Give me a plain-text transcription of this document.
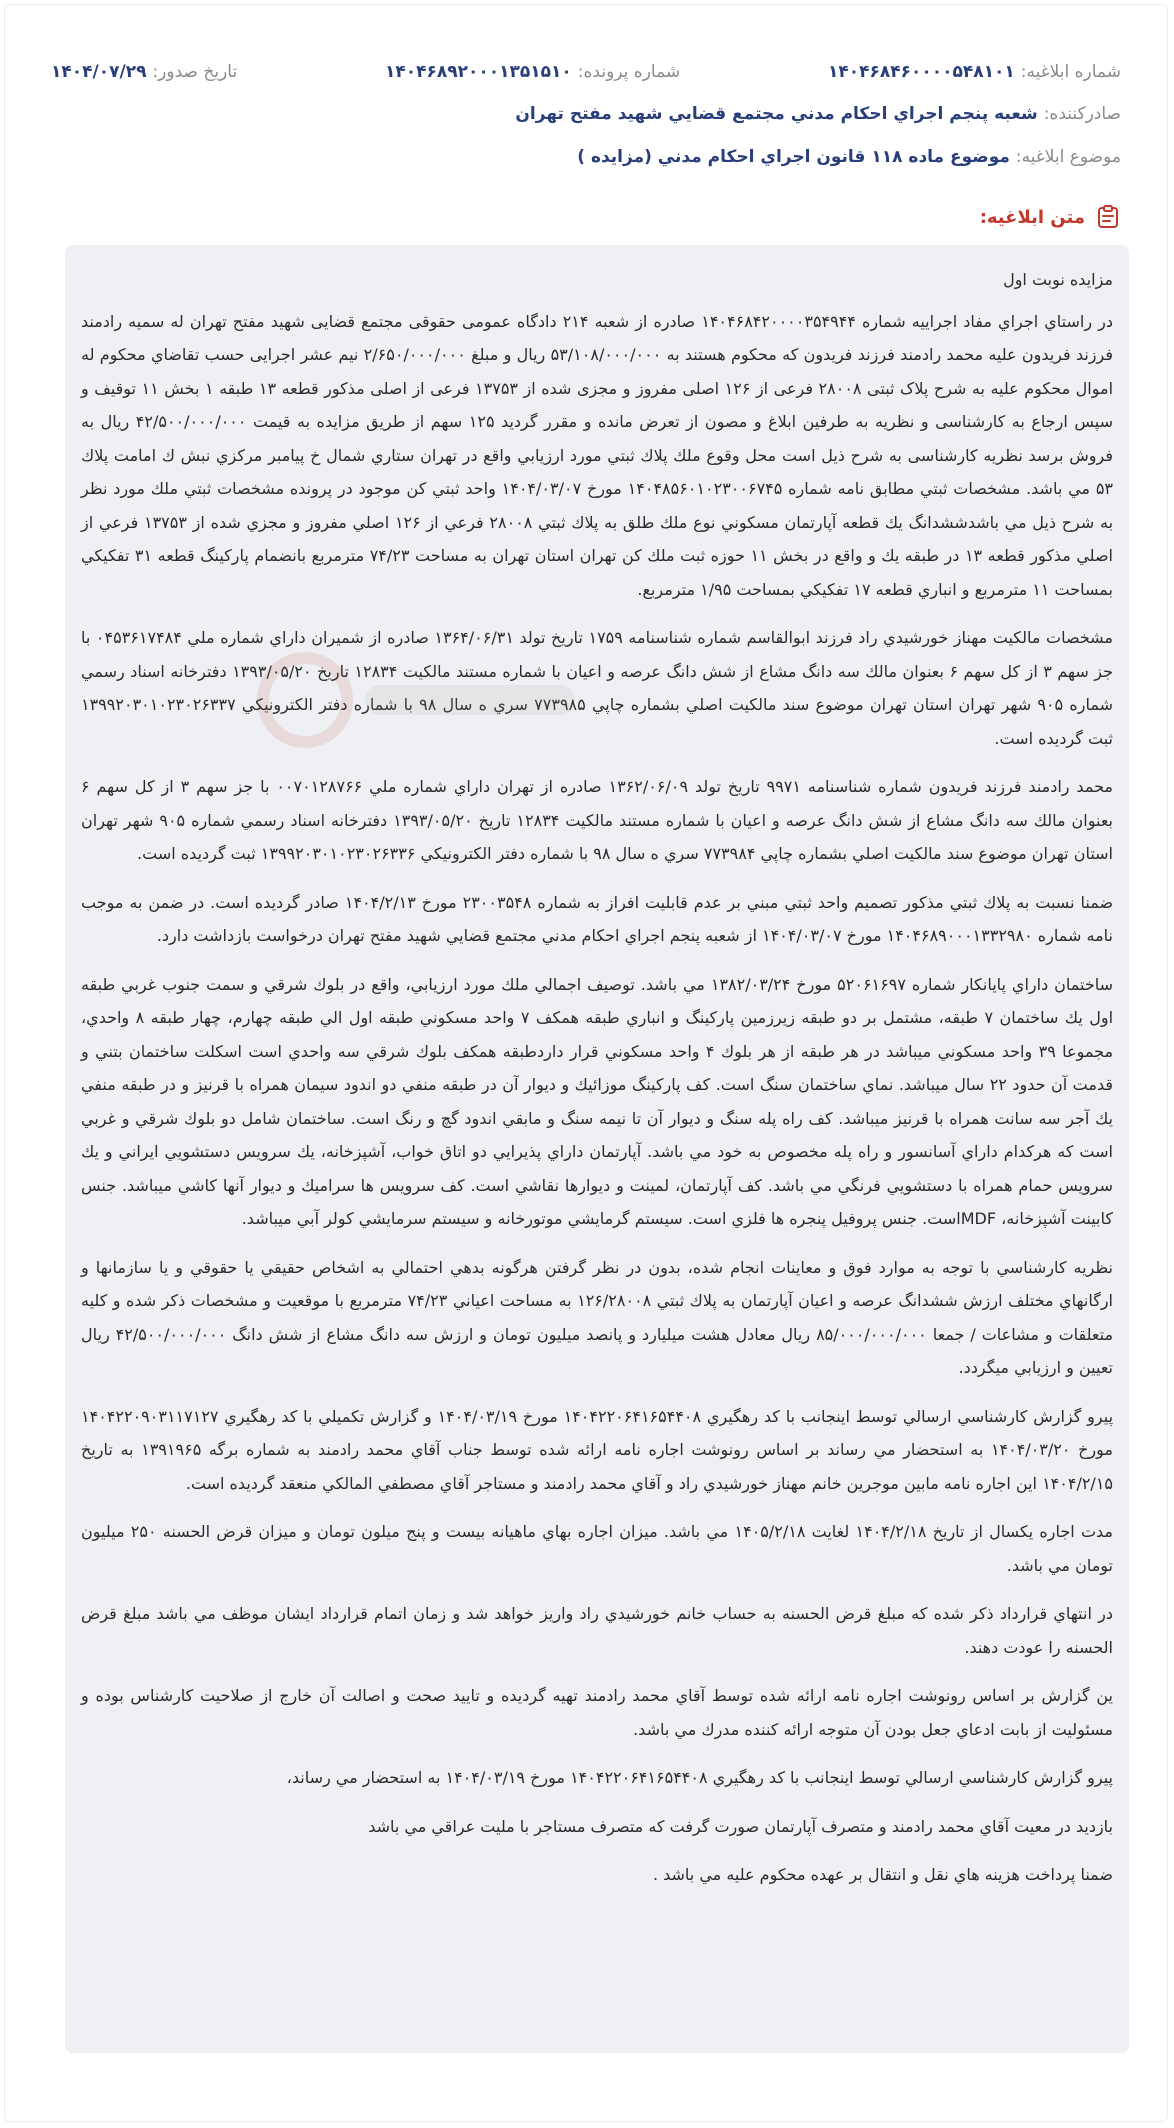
شماره ابلاغیه:
۱۴۰۴۶۸۴۶۰۰۰۰۵۴۸۱۰۱
شماره پرونده:
۱۴۰۴۶۸۹۲۰۰۰۱۳۵۱۵۱۰
تاریخ صدور:
۱۴۰۴/۰۷/۲۹
صادرکننده:
شعبه پنجم اجراي احكام مدني مجتمع قضايي شهيد مفتح تهران
موضوع ابلاغیه:
موضوع ماده ۱۱۸ قانون اجراي احكام مدني (مزايده )
متن ابلاغیه:
مزایده نوبت اول

در راستاي اجراي مفاد اجراییه شماره ۱۴۰۴۶۸۴۲۰۰۰۰۳۵۴۹۴۴ صادره از شعبه ۲۱۴ دادگاه عمومی حقوقی مجتمع قضایی شهيد مفتح تهران له سمیه رادمند فرزند فریدون علیه محمد رادمند فرزند فریدون که محکوم هستند به ۵۳/۱۰۸/۰۰۰/۰۰۰ ریال و مبلغ ۲/۶۵۰/۰۰۰/۰۰۰ نیم عشر اجرایی حسب تقاضاي محکوم له اموال محکوم علیه به شرح پلاک ثبتی ۲۸۰۰۸ فرعی از ۱۲۶ اصلی مفروز و مجزی شده از ۱۳۷۵۳ فرعی از اصلی مذکور قطعه ۱۳ طبقه ۱ بخش ۱۱ توقيف و سپس ارجاع به کارشناسی و نظریه به طرفین ابلاغ و مصون از تعرض مانده و مقرر گردید ۱۲۵ سهم از طریق مزایده به قیمت ۴۲/۵۰۰/۰۰۰/۰۰۰ ریال به فروش برسد نظریه کارشناسی به شرح ذیل است محل وقوع ملك پلاك ثبتي مورد ارزيابي واقع در تهران ستاري شمال خ پيامبر مركزي نبش ك امامت پلاك ۵۳ مي باشد. مشخصات ثبتي مطابق نامه شماره ۱۴۰۴۸۵۶۰۱۰۲۳۰۰۶۷۴۵ مورخ ۱۴۰۴/۰۳/۰۷ واحد ثبتي كن موجود در پرونده مشخصات ثبتي ملك مورد نظر به شرح ذيل مي باشدششدانگ يك قطعه آپارتمان مسكوني نوع ملك طلق به پلاك ثبتي ۲۸۰۰۸ فرعي از ۱۲۶ اصلي مفروز و مجزي شده از ۱۳۷۵۳ فرعي از اصلي مذكور قطعه ۱۳ در طبقه يك و واقع در بخش ۱۱ حوزه ثبت ملك كن تهران استان تهران به مساحت ۷۴/۲۳ مترمربع بانضمام پاركينگ قطعه ۳۱ تفكيكي بمساحت ۱۱ مترمربع و انباري قطعه ۱۷ تفكيكي بمساحت ۱/۹۵ مترمربع.

مشخصات مالكيت مهناز خورشيدي راد فرزند ابوالقاسم شماره شناسنامه ۱۷۵۹ تاريخ تولد ۱۳۶۴/۰۶/۳۱ صادره از شميران داراي شماره ملي ۰۴۵۳۶۱۷۴۸۴ با جز سهم ۳ از كل سهم ۶ بعنوان مالك سه دانگ مشاع از شش دانگ عرصه و اعيان با شماره مستند مالكيت ۱۲۸۳۴ تاريخ ۱۳۹۳/۰۵/۲۰ دفترخانه اسناد رسمي شماره ۹۰۵ شهر تهران استان تهران موضوع سند مالكيت اصلي بشماره چاپي ۷۷۳۹۸۵ سري ه سال ۹۸ با شماره دفتر الكترونيكي ۱۳۹۹۲۰۳۰۱۰۲۳۰۲۶۳۳۷ ثبت گرديده است.

محمد رادمند فرزند فريدون شماره شناسنامه ۹۹۷۱ تاريخ تولد ۱۳۶۲/۰۶/۰۹ صادره از تهران داراي شماره ملي ۰۰۷۰۱۲۸۷۶۶ با جز سهم ۳ از كل سهم ۶ بعنوان مالك سه دانگ مشاع از شش دانگ عرصه و اعيان با شماره مستند مالكيت ۱۲۸۳۴ تاريخ ۱۳۹۳/۰۵/۲۰ دفترخانه اسناد رسمي شماره ۹۰۵ شهر تهران استان تهران موضوع سند مالكيت اصلي بشماره چاپي ۷۷۳۹۸۴ سري ه سال ۹۸ با شماره دفتر الكترونيكي ۱۳۹۹۲۰۳۰۱۰۲۳۰۲۶۳۳۶ ثبت گرديده است.

ضمنا نسبت به پلاك ثبتي مذكور تصميم واحد ثبتي مبني بر عدم قابليت افراز به شماره ۲۳۰۰۳۵۴۸ مورخ ۱۴۰۴/۲/۱۳ صادر گرديده است. در ضمن به موجب نامه شماره ۱۴۰۴۶۸۹۰۰۰۱۳۳۲۹۸۰ مورخ ۱۴۰۴/۰۳/۰۷ از شعبه پنجم اجراي احكام مدني مجتمع قضايي شهيد مفتح تهران درخواست بازداشت دارد.

ساختمان داراي پايانكار شماره ۵۲۰۶۱۶۹۷ مورخ ۱۳۸۲/۰۳/۲۴ مي باشد. توصيف اجمالي ملك مورد ارزيابي، واقع در بلوك شرقي و سمت جنوب غربي طبقه اول يك ساختمان ۷ طبقه، مشتمل بر دو طبقه زيرزمين پاركينگ و انباري طبقه همكف ۷ واحد مسكوني طبقه اول الي طبقه چهارم، چهار طبقه ۸ واحدي، مجموعا ۳۹ واحد مسكوني ميباشد در هر طبقه از هر بلوك ۴ واحد مسكوني قرار داردطبقه همكف بلوك شرقي سه واحدي است اسكلت ساختمان بتني و قدمت آن حدود ۲۲ سال ميباشد. نماي ساختمان سنگ است. كف پاركينگ موزائيك و ديوار آن در طبقه منفي دو اندود سيمان همراه با قرنيز و در طبقه منفي يك آجر سه سانت همراه با قرنيز ميباشد. كف راه پله سنگ و ديوار آن تا نيمه سنگ و مابقي اندود گچ و رنگ است. ساختمان شامل دو بلوك شرقي و غربي است كه هركدام داراي آسانسور و راه پله مخصوص به خود مي باشد. آپارتمان داراي پذيرايي دو اتاق خواب، آشپزخانه، يك سرويس دستشويي ايراني و يك سرويس حمام همراه با دستشويي فرنگي مي باشد. كف آپارتمان، لمينت و ديوارها نقاشي است. كف سرويس ها سراميك و ديوار آنها كاشي ميباشد. جنس كابينت آشپزخانه، MDFاست. جنس پروفيل پنجره ها فلزي است. سيستم گرمايشي موتورخانه و سيستم سرمايشي كولر آبي ميباشد.

نظريه كارشناسي با توجه به موارد فوق و معاينات انجام شده، بدون در نظر گرفتن هرگونه بدهي احتمالي به اشخاص حقيقي يا حقوقي و يا سازمانها و ارگانهاي مختلف ارزش ششدانگ عرصه و اعيان آپارتمان به پلاك ثبتي ۱۲۶/۲۸۰۰۸ به مساحت اعياني ۷۴/۲۳ مترمربع با موقعيت و مشخصات ذكر شده و كليه متعلقات و مشاعات / جمعا ۸۵/۰۰۰/۰۰۰/۰۰۰ ريال معادل هشت ميليارد و پانصد ميليون تومان و ارزش سه دانگ مشاع از شش دانگ ۴۲/۵۰۰/۰۰۰/۰۰۰ ريال تعيين و ارزيابي ميگردد.

پيرو گزارش كارشناسي ارسالي توسط اينجانب با كد رهگيري ۱۴۰۴۲۲۰۶۴۱۶۵۴۴۰۸ مورخ ۱۴۰۴/۰۳/۱۹ و گزارش تكميلي با كد رهگيري ۱۴۰۴۲۲۰۹۰۳۱۱۷۱۲۷ مورخ ۱۴۰۴/۰۳/۲۰ به استحضار مي رساند بر اساس رونوشت اجاره نامه ارائه شده توسط جناب آقاي محمد رادمند به شماره برگه ۱۳۹۱۹۶۵ به تاريخ ۱۴۰۴/۲/۱۵ اين اجاره نامه مابين موجرين خانم مهناز خورشيدي راد و آقاي محمد رادمند و مستاجر آقاي مصطفي المالكي منعقد گرديده است.

مدت اجاره يكسال از تاريخ ۱۴۰۴/۲/۱۸ لغايت ۱۴۰۵/۲/۱۸ مي باشد. ميزان اجاره بهاي ماهيانه بيست و پنج ميلون تومان و ميزان قرض الحسنه ۲۵۰ ميليون تومان مي باشد.

در انتهاي قرارداد ذكر شده كه مبلغ قرض الحسنه به حساب خانم خورشيدي راد واريز خواهد شد و زمان اتمام قرارداد ايشان موظف مي باشد مبلغ قرض الحسنه را عودت دهند.

ين گزارش بر اساس رونوشت اجاره نامه ارائه شده توسط آقاي محمد رادمند تهيه گرديده و تاييد صحت و اصالت آن خارج از صلاحيت كارشناس بوده و مسئوليت از بابت ادعاي جعل بودن آن متوجه ارائه كننده مدرك مي باشد.

پيرو گزارش كارشناسي ارسالي توسط اينجانب با كد رهگيري ۱۴۰۴۲۲۰۶۴۱۶۵۴۴۰۸ مورخ ۱۴۰۴/۰۳/۱۹ به استحضار مي رساند،

بازديد در معيت آقاي محمد رادمند و متصرف آپارتمان صورت گرفت كه متصرف مستاجر با مليت عراقي مي باشد

ضمنا پرداخت هزينه هاي نقل و انتقال بر عهده محكوم عليه مي باشد .
